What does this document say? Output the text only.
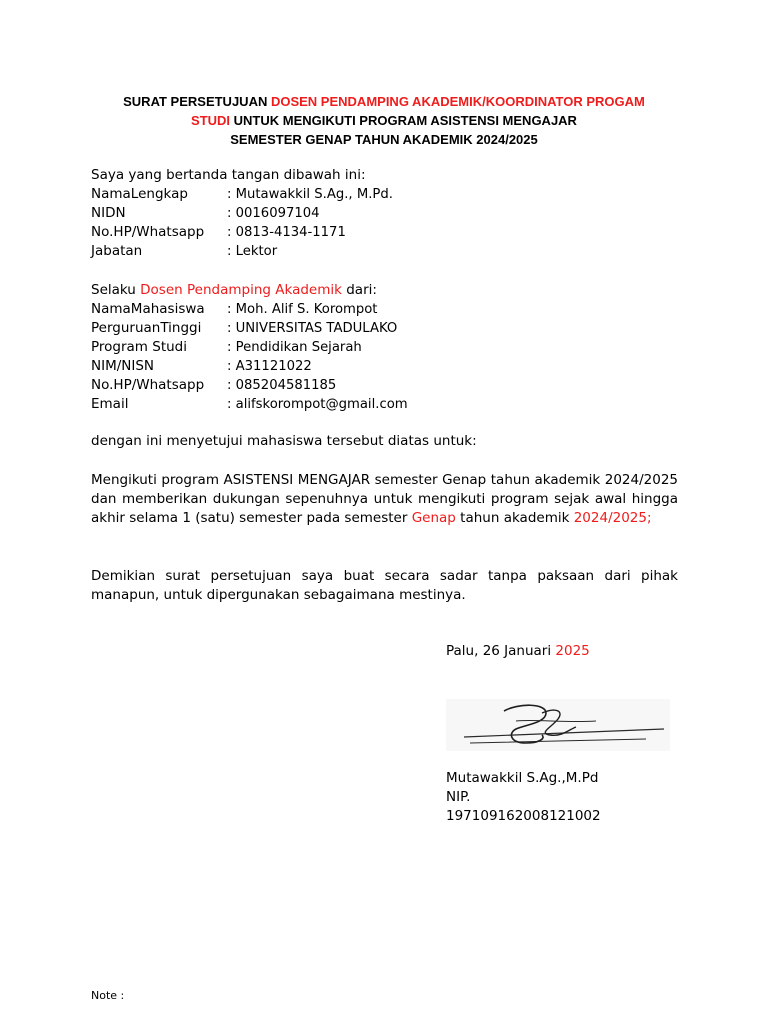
SURAT PERSETUJUAN DOSEN PENDAMPING AKADEMIK/KOORDINATOR PROGAM
STUDI UNTUK MENGIKUTI PROGRAM ASISTENSI MENGAJAR
SEMESTER GENAP TAHUN AKADEMIK 2024/2025
Saya yang bertanda tangan dibawah ini:
NamaLengkap	: Mutawakkil S.Ag., M.Pd.
NIDN	: 0016097104
No.HP/Whatsapp : 0813-4134-1171
Jabatan	: Lektor
Selaku Dosen Pendamping Akademik dari:
NamaMahasiswa : Moh. Alif S. Korompot
PerguruanTinggi : UNIVERSITAS TADULAKO
Program Studi	: Pendidikan Sejarah
NIM/NISN	: A31121022
No.HP/Whatsapp : 085204581185
Email	: alifskorompot@gmail.com
dengan ini menyetujui mahasiswa tersebut diatas untuk:
Mengikuti program ASISTENSI MENGAJAR semester Genap tahun akademik 2024/2025 dan memberikan dukungan sepenuhnya untuk mengikuti program sejak awal hingga akhir selama 1 (satu) semester pada semester Genap tahun akademik 2024/2025;
Demikian surat persetujuan saya buat secara sadar tanpa paksaan dari pihak manapun, untuk dipergunakan sebagaimana mestinya.
Palu, 26 Januari 2025
Mutawakkil S.Ag.,M.Pd
NIP.
197109162008121002
Note :
